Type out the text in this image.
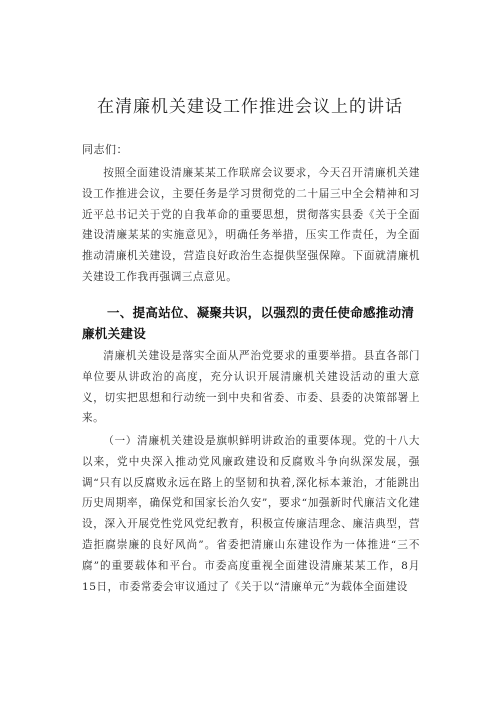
在清廉机关建设工作推进会议上的讲话
同志们：
按照全面建设清廉某某工作联席会议要求，今天召开清廉机关建设工作推进会议，主要任务是学习贯彻党的二十届三中全会精神和习近平总书记关于党的自我革命的重要思想，贯彻落实县委《关于全面建设清廉某某的实施意见》，明确任务举措，压实工作责任，为全面推动清廉机关建设，营造良好政治生态提供坚强保障。下面就清廉机关建设工作我再强调三点意见。
一、提高站位、凝聚共识，以强烈的责任使命感推动清廉机关建设
清廉机关建设是落实全面从严治党要求的重要举措。县直各部门单位要从讲政治的高度，充分认识开展清廉机关建设活动的重大意义，切实把思想和行动统一到中央和省委、市委、县委的决策部署上来。
（一）清廉机关建设是旗帜鲜明讲政治的重要体现。党的十八大以来，党中央深入推动党风廉政建设和反腐败斗争向纵深发展，强调“只有以反腐败永远在路上的坚韧和执着,深化标本兼治，才能跳出历史周期率，确保党和国家长治久安”，要求“加强新时代廉洁文化建设，深入开展党性党风党纪教育，积极宣传廉洁理念、廉洁典型，营造拒腐崇廉的良好风尚”。省委把清廉山东建设作为一体推进“三不腐”的重要载体和平台。市委高度重视全面建设清廉某某工作，8月15日，市委常委会审议通过了《关于以“清廉单元”为载体全面建设
